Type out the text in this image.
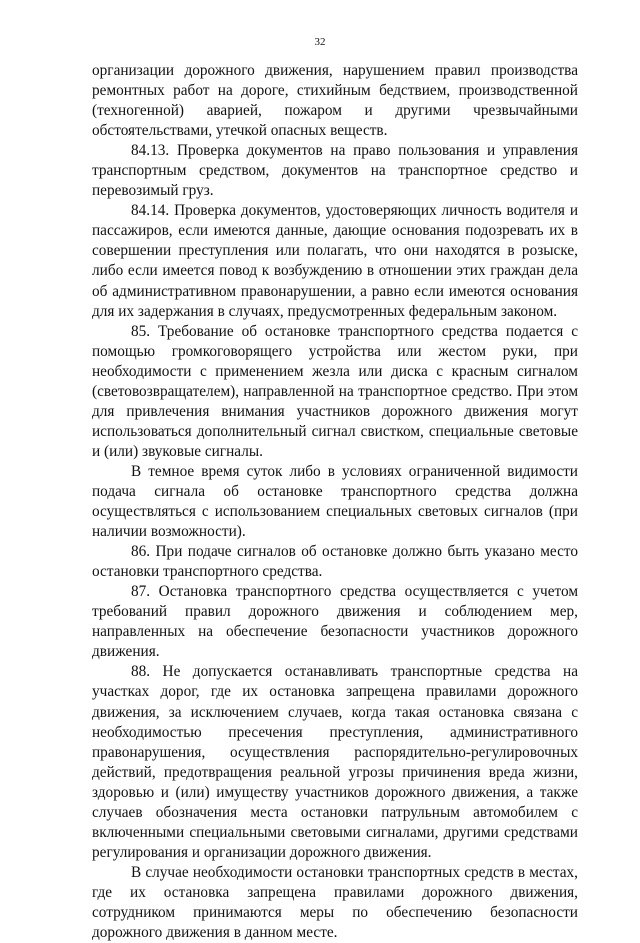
32

организации дорожного движения, нарушением правил производства ремонтных работ на дороге, стихийным бедствием, производственной (техногенной) аварией, пожаром и другими чрезвычайными обстоятельствами, утечкой опасных веществ.

84.13. Проверка документов на право пользования и управления транспортным средством, документов на транспортное средство и перевозимый груз.

84.14. Проверка документов, удостоверяющих личность водителя и пассажиров, если имеются данные, дающие основания подозревать их в совершении преступления или полагать, что они находятся в розыске, либо если имеется повод к возбуждению в отношении этих граждан дела об административном правонарушении, а равно если имеются основания для их задержания в случаях, предусмотренных федеральным законом.

85. Требование об остановке транспортного средства подается с помощью громкоговорящего устройства или жестом руки, при необходимости с применением жезла или диска с красным сигналом (световозвращателем), направленной на транспортное средство. При этом для привлечения внимания участников дорожного движения могут использоваться дополнительный сигнал свистком, специальные световые и (или) звуковые сигналы.

В темное время суток либо в условиях ограниченной видимости подача сигнала об остановке транспортного средства должна осуществляться с использованием специальных световых сигналов (при наличии возможности).

86. При подаче сигналов об остановке должно быть указано место остановки транспортного средства.

87. Остановка транспортного средства осуществляется с учетом требований правил дорожного движения и соблюдением мер, направленных на обеспечение безопасности участников дорожного движения.

88. Не допускается останавливать транспортные средства на участках дорог, где их остановка запрещена правилами дорожного движения, за исключением случаев, когда такая остановка связана с необходимостью пресечения преступления, административного правонарушения, осуществления распорядительно-регулировочных действий, предотвращения реальной угрозы причинения вреда жизни, здоровью и (или) имуществу участников дорожного движения, а также случаев обозначения места остановки патрульным автомобилем с включенными специальными световыми сигналами, другими средствами регулирования и организации дорожного движения.

В случае необходимости остановки транспортных средств в местах, где их остановка запрещена правилами дорожного движения, сотрудником принимаются меры по обеспечению безопасности дорожного движения в данном месте.
